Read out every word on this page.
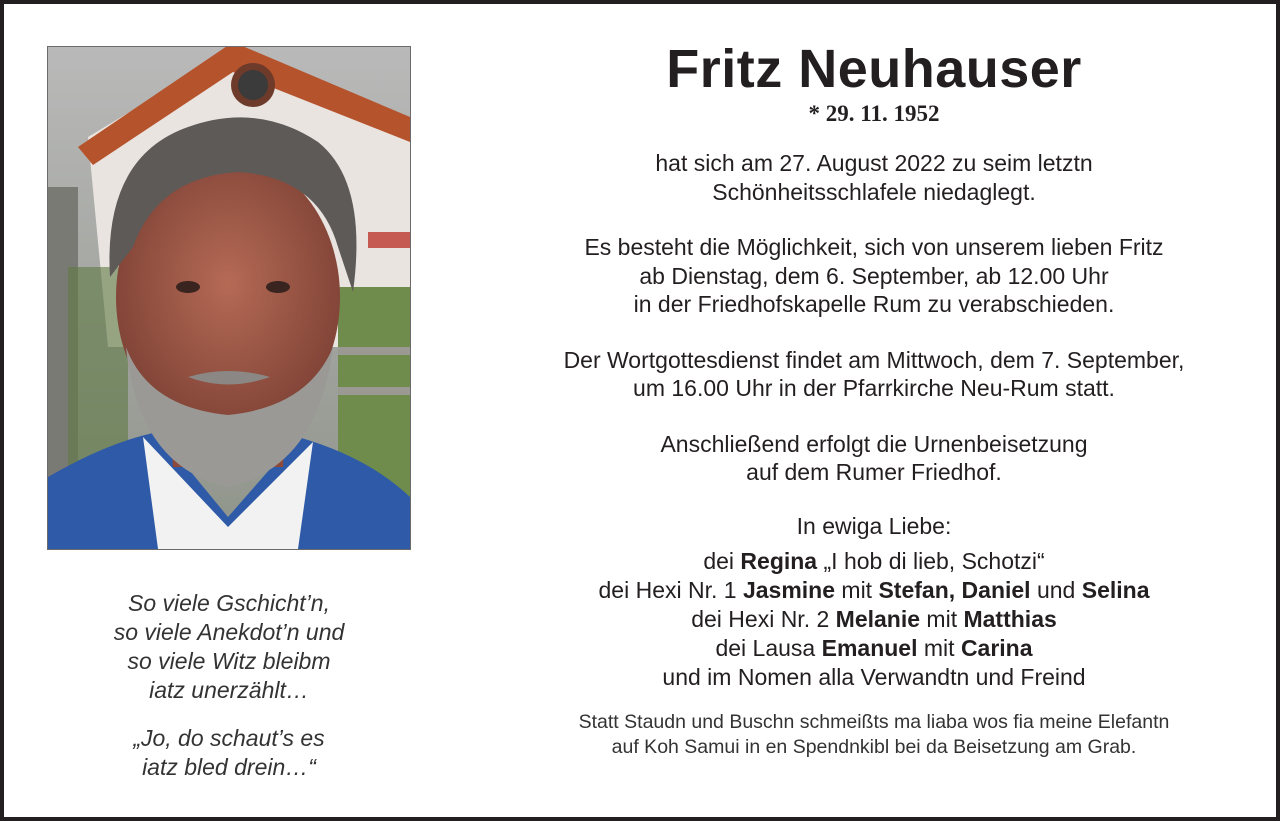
So viele Gschicht’n,
so viele Anekdot’n und
so viele Witz bleibm
iatz unerzählt…
„Jo, do schaut’s es
iatz bled drein…“
Fritz Neuhauser
* 29. 11. 1952
hat sich am 27. August 2022 zu seim letztn
Schönheitsschlafele niedaglegt.
Es besteht die Möglichkeit, sich von unserem lieben Fritz
ab Dienstag, dem 6. September, ab 12.00 Uhr
in der Friedhofskapelle Rum zu verabschieden.
Der Wortgottesdienst findet am Mittwoch, dem 7. September,
um 16.00 Uhr in der Pfarrkirche Neu-Rum statt.
Anschließend erfolgt die Urnenbeisetzung
auf dem Rumer Friedhof.
In ewiga Liebe:
dei Regina „I hob di lieb, Schotzi“
dei Hexi Nr. 1 Jasmine mit Stefan, Daniel und Selina
dei Hexi Nr. 2 Melanie mit Matthias
dei Lausa Emanuel mit Carina
und im Nomen alla Verwandtn und Freind
Statt Staudn und Buschn schmeißts ma liaba wos fia meine Elefantn
auf Koh Samui in en Spendnkibl bei da Beisetzung am Grab.
